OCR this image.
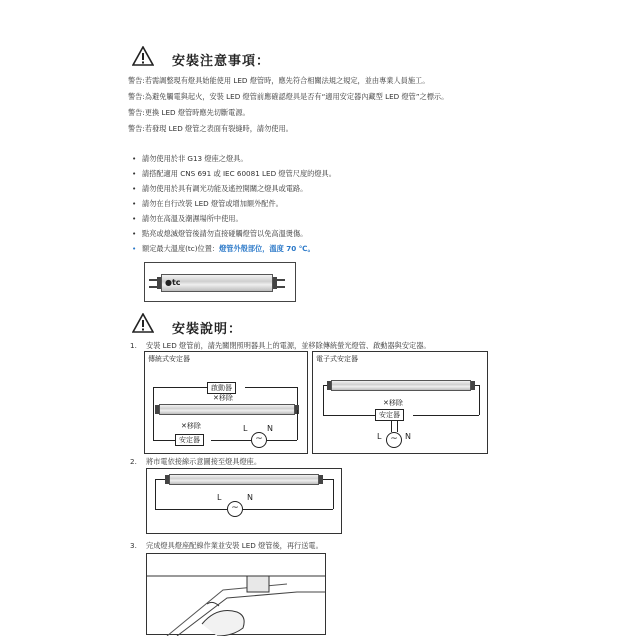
安裝注意事項：
警告:若需調整現有燈具始能使用 LED 燈管時，應先符合相關法規之規定，並由專業人員施工。
警告:為避免觸電與起火，安裝 LED 燈管前應確認燈具是否有“適用安定器內藏型 LED 燈管”之標示。
警告:更換 LED 燈管時應先切斷電源。
警告:若發現 LED 燈管之表面有裂縫時，請勿使用。
• 請勿使用於非 G13 燈座之燈具。
• 請搭配適用 CNS 691 或 IEC 60081 LED 燈管尺度的燈具。
• 請勿使用於具有調光功能及遙控開關之燈具或電路。
• 請勿在自行改裝 LED 燈管或增加額外配件。
• 請勿在高溫及潮濕場所中使用。
• 點亮或熄滅燈管後請勿直接碰觸燈管以免高溫燙傷。
• 額定最大溫度(tc)位置：燈管外殼部位，溫度 70 ℃。
●tc
安裝說明：
1. 安裝 LED 燈管前，請先關閉照明器具上的電源，並移除傳統螢光燈管、啟動器與安定器。
傳統式安定器
啟動器
✕移除
✕移除
安定器	~
L N
電子式安定器
✕移除
安定器
~
L	N
2. 將市電依接線示意圖接至燈具燈座。
~
L	N
3. 完成燈具燈座配線作業並安裝 LED 燈管後，再行送電。
